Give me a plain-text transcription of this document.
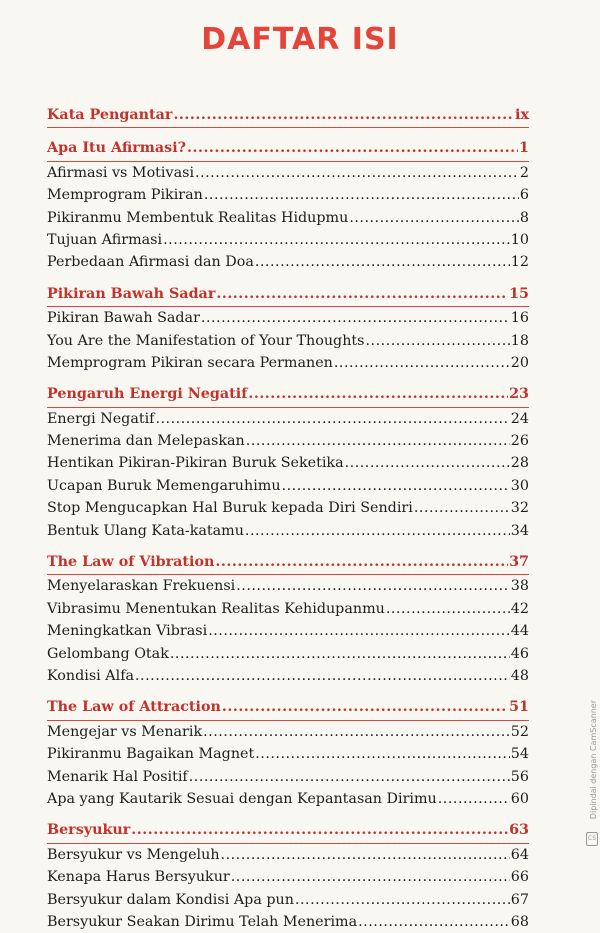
DAFTAR ISI
Kata Pengantar .....	ix
Apa Itu Afirmasi? .....	1
Afirmasi vs Motivasi .....	2
Memprogram Pikiran .....	6
Pikiranmu Membentuk Realitas Hidupmu .....	8
Tujuan Afirmasi .....	10
Perbedaan Afirmasi dan Doa .....	12
Pikiran Bawah Sadar .....	15
Pikiran Bawah Sadar .....	16
You Are the Manifestation of Your Thoughts .....	18
Memprogram Pikiran secara Permanen .....	20
Pengaruh Energi Negatif .....	23
Energi Negatif .....	24
Menerima dan Melepaskan .....	26
Hentikan Pikiran-Pikiran Buruk Seketika .....	28
Ucapan Buruk Memengaruhimu .....	30
Stop Mengucapkan Hal Buruk kepada Diri Sendiri .....	32
Bentuk Ulang Kata-katamu .....	34
The Law of Vibration .....	37
Menyelaraskan Frekuensi .....	38
Vibrasimu Menentukan Realitas Kehidupanmu .....	42
Meningkatkan Vibrasi .....	44
Gelombang Otak .....	46
Kondisi Alfa .....	48
The Law of Attraction .....	51
Mengejar vs Menarik .....	52
Pikiranmu Bagaikan Magnet .....	54
Menarik Hal Positif .....	56
Apa yang Kautarik Sesuai dengan Kepantasan Dirimu .....	60
Bersyukur .....	63
Bersyukur vs Mengeluh .....	64
Kenapa Harus Bersyukur .....	66
Bersyukur dalam Kondisi Apa pun .....	67
Bersyukur Seakan Dirimu Telah Menerima .....	68
Dipindai dengan CamScanner
CS
